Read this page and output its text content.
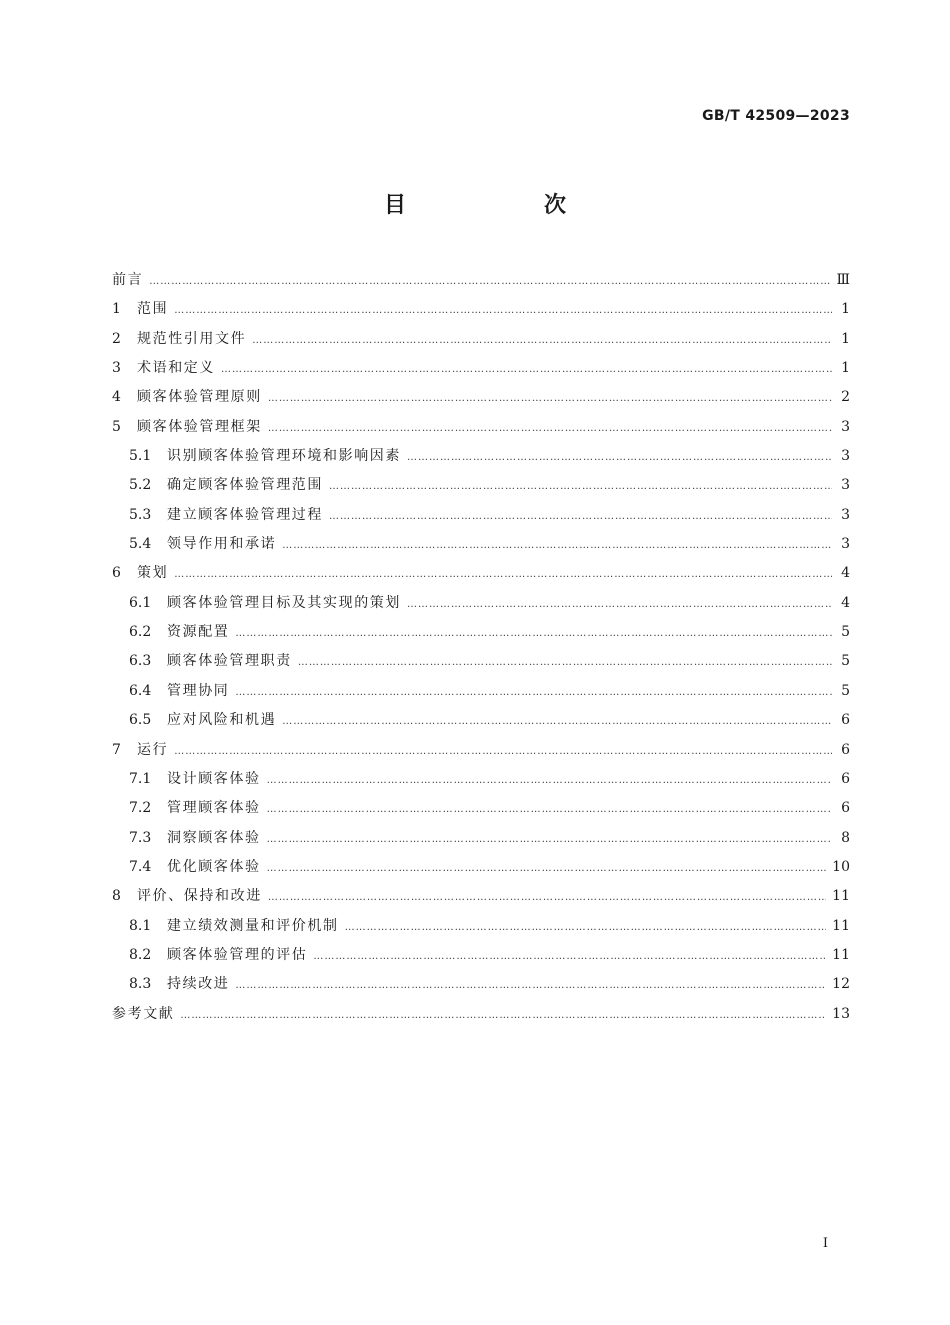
GB/T 42509—2023
目　次
前言 …………………………………………………………………………………………………………………………………………………………………………………………………………………………………………………………………………	Ⅲ
1	范围 …………………………………………………………………………………………………………………………………………………………………………………………………………………………………………………………………………	1
2	规范性引用文件 …………………………………………………………………………………………………………………………………………………………………………………………………………………………………………………………………………	1
3	术语和定义 …………………………………………………………………………………………………………………………………………………………………………………………………………………………………………………………………………	1
4	顾客体验管理原则 …………………………………………………………………………………………………………………………………………………………………………………………………………………………………………………………………………	2
5	顾客体验管理框架 …………………………………………………………………………………………………………………………………………………………………………………………………………………………………………………………………………	3
5.1	识别顾客体验管理环境和影响因素 …………………………………………………………………………………………………………………………………………………………………………………………………………………………………………………………………………	3
5.2	确定顾客体验管理范围 …………………………………………………………………………………………………………………………………………………………………………………………………………………………………………………………………………	3
5.3	建立顾客体验管理过程 …………………………………………………………………………………………………………………………………………………………………………………………………………………………………………………………………………	3
5.4	领导作用和承诺 …………………………………………………………………………………………………………………………………………………………………………………………………………………………………………………………………………	3
6	策划 …………………………………………………………………………………………………………………………………………………………………………………………………………………………………………………………………………	4
6.1	顾客体验管理目标及其实现的策划 …………………………………………………………………………………………………………………………………………………………………………………………………………………………………………………………………………	4
6.2	资源配置 …………………………………………………………………………………………………………………………………………………………………………………………………………………………………………………………………………	5
6.3	顾客体验管理职责 …………………………………………………………………………………………………………………………………………………………………………………………………………………………………………………………………………	5
6.4	管理协同 …………………………………………………………………………………………………………………………………………………………………………………………………………………………………………………………………………	5
6.5	应对风险和机遇 …………………………………………………………………………………………………………………………………………………………………………………………………………………………………………………………………………	6
7	运行 …………………………………………………………………………………………………………………………………………………………………………………………………………………………………………………………………………	6
7.1	设计顾客体验 …………………………………………………………………………………………………………………………………………………………………………………………………………………………………………………………………………	6
7.2	管理顾客体验 …………………………………………………………………………………………………………………………………………………………………………………………………………………………………………………………………………	6
7.3	洞察顾客体验 …………………………………………………………………………………………………………………………………………………………………………………………………………………………………………………………………………	8
7.4	优化顾客体验 …………………………………………………………………………………………………………………………………………………………………………………………………………………………………………………………………………	10
8	评价、保持和改进 …………………………………………………………………………………………………………………………………………………………………………………………………………………………………………………………………………	11
8.1	建立绩效测量和评价机制 …………………………………………………………………………………………………………………………………………………………………………………………………………………………………………………………………………	11
8.2	顾客体验管理的评估 …………………………………………………………………………………………………………………………………………………………………………………………………………………………………………………………………………	11
8.3	持续改进 …………………………………………………………………………………………………………………………………………………………………………………………………………………………………………………………………………	12
参考文献 …………………………………………………………………………………………………………………………………………………………………………………………………………………………………………………………………………	13
I
